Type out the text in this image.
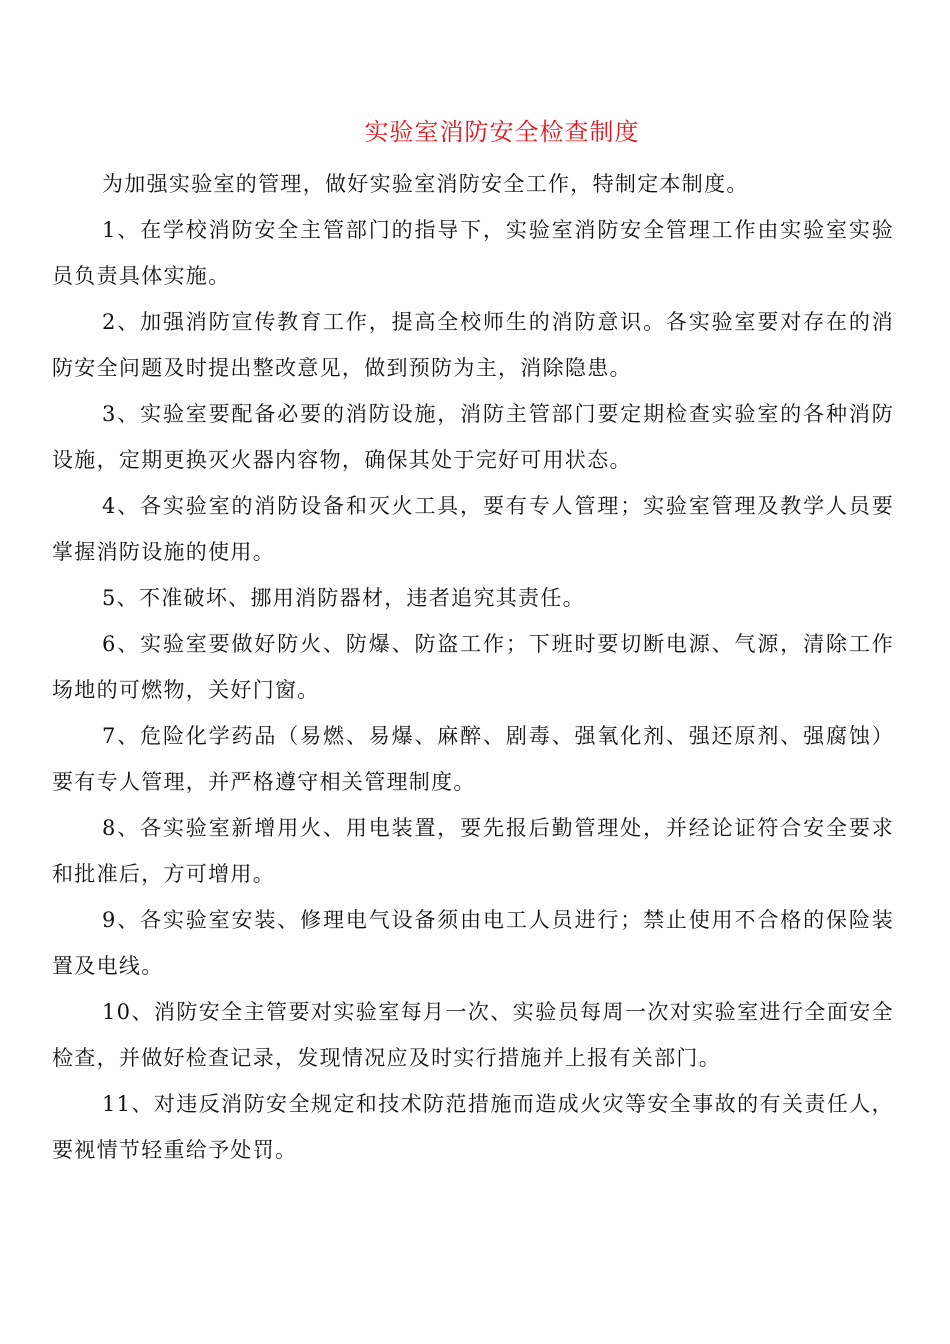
实验室消防安全检查制度

为加强实验室的管理，做好实验室消防安全工作，特制定本制度。

1、在学校消防安全主管部门的指导下，实验室消防安全管理工作由实验室实验员负责具体实施。

2、加强消防宣传教育工作，提高全校师生的消防意识。各实验室要对存在的消防安全问题及时提出整改意见，做到预防为主，消除隐患。

3、实验室要配备必要的消防设施，消防主管部门要定期检查实验室的各种消防设施，定期更换灭火器内容物，确保其处于完好可用状态。

4、各实验室的消防设备和灭火工具，要有专人管理；实验室管理及教学人员要掌握消防设施的使用。

5、不准破坏、挪用消防器材，违者追究其责任。

6、实验室要做好防火、防爆、防盗工作；下班时要切断电源、气源，清除工作场地的可燃物，关好门窗。

7、危险化学药品（易燃、易爆、麻醉、剧毒、强氧化剂、强还原剂、强腐蚀）要有专人管理，并严格遵守相关管理制度。

8、各实验室新增用火、用电装置，要先报后勤管理处，并经论证符合安全要求和批准后，方可增用。

9、各实验室安装、修理电气设备须由电工人员进行；禁止使用不合格的保险装置及电线。

10、消防安全主管要对实验室每月一次、实验员每周一次对实验室进行全面安全检查，并做好检查记录，发现情况应及时实行措施并上报有关部门。

11、对违反消防安全规定和技术防范措施而造成火灾等安全事故的有关责任人，要视情节轻重给予处罚。
